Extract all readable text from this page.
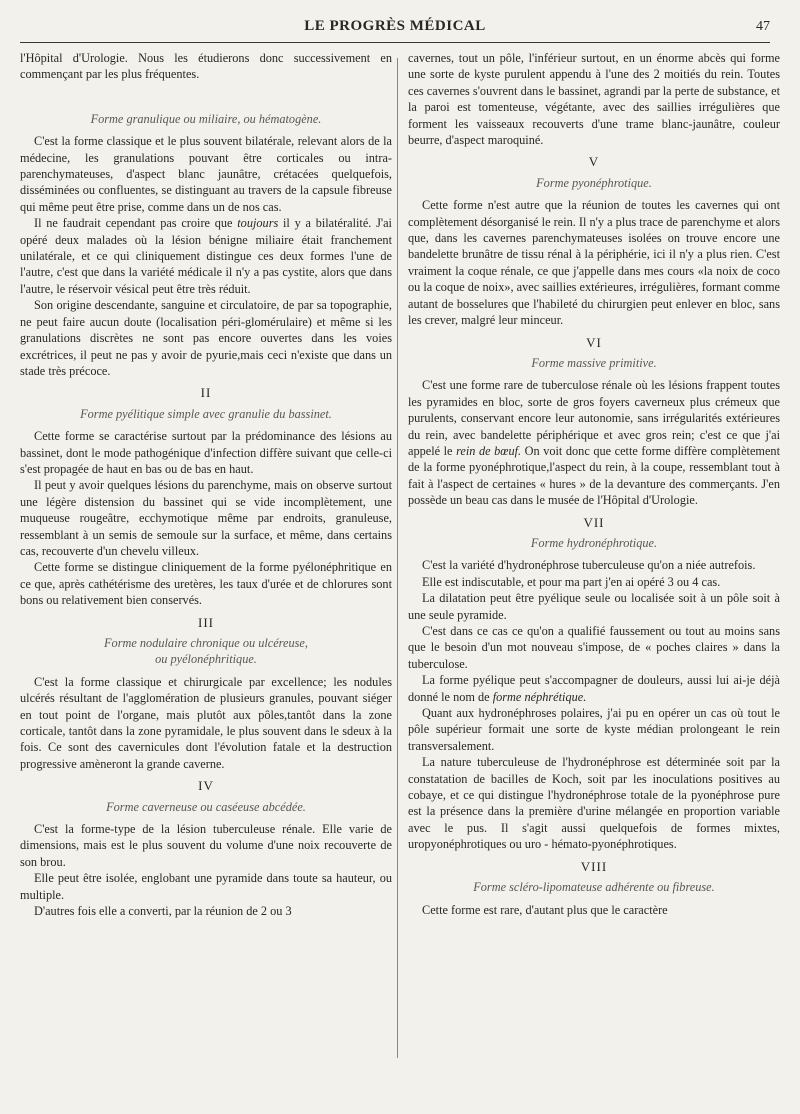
LE PROGRÈS MÉDICAL	47

l'Hôpital d'Urologie. Nous les étudierons donc successivement en commençant par les plus fréquentes.

Forme granulique ou miliaire, ou hématogène.

C'est la forme classique et le plus souvent bilatérale, relevant alors de la médecine, les granulations pouvant être corticales ou intra-parenchymateuses, d'aspect blanc jaunâtre, crétacées quelquefois, disséminées ou confluentes, se distinguant au travers de la capsule fibreuse qui même peut être prise, comme dans un de nos cas.

Il ne faudrait cependant pas croire que toujours il y a bilatéralité. J'ai opéré deux malades où la lésion bénigne miliaire était franchement unilatérale, et ce qui cliniquement distingue ces deux formes l'une de l'autre, c'est que dans la variété médicale il n'y a pas cystite, alors que dans l'autre, le réservoir vésical peut être très réduit.

Son origine descendante, sanguine et circulatoire, de par sa topographie, ne peut faire aucun doute (localisation péri-glomérulaire) et même si les granulations discrètes ne sont pas encore ouvertes dans les voies excrétrices, il peut ne pas y avoir de pyurie,mais ceci n'existe que dans un stade très précoce.

II
Forme pyélitique simple avec granulie du bassinet.

Cette forme se caractérise surtout par la prédominance des lésions au bassinet, dont le mode pathogénique d'infection diffère suivant que celle-ci s'est propagée de haut en bas ou de bas en haut.

Il peut y avoir quelques lésions du parenchyme, mais on observe surtout une légère distension du bassinet qui se vide incomplètement, une muqueuse rougeâtre, ecchymotique même par endroits, granuleuse, ressemblant à un semis de semoule sur la surface, et même, dans certains cas, recouverte d'un chevelu villeux.

Cette forme se distingue cliniquement de la forme pyélonéphritique en ce que, après cathétérisme des uretères, les taux d'urée et de chlorures sont bons ou relativement bien conservés.

III
Forme nodulaire chronique ou ulcéreuse,
ou pyélonéphritique.

C'est la forme classique et chirurgicale par excellence; les nodules ulcérés résultant de l'agglomération de plusieurs granules, pouvant siéger en tout point de l'organe, mais plutôt aux pôles,tantôt dans la zone corticale, tantôt dans la zone pyramidale, le plus souvent dans le sdeux à la fois. Ce sont des cavernicules dont l'évolution fatale et la destruction progressive amèneront la grande caverne.

IV
Forme caverneuse ou caséeuse abcédée.

C'est la forme-type de la lésion tuberculeuse rénale. Elle varie de dimensions, mais est le plus souvent du volume d'une noix recouverte de son brou.

Elle peut être isolée, englobant une pyramide dans toute sa hauteur, ou multiple.

D'autres fois elle a converti, par la réunion de 2 ou 3

cavernes, tout un pôle, l'inférieur surtout, en un énorme abcès qui forme une sorte de kyste purulent appendu à l'une des 2 moitiés du rein. Toutes ces cavernes s'ouvrent dans le bassinet, agrandi par la perte de substance, et la paroi est tomenteuse, végétante, avec des saillies irrégulières que forment les vaisseaux recouverts d'une trame blanc-jaunâtre, couleur beurre, d'aspect maroquiné.

V
Forme pyonéphrotique.

Cette forme n'est autre que la réunion de toutes les cavernes qui ont complètement désorganisé le rein. Il n'y a plus trace de parenchyme et alors que, dans les cavernes parenchymateuses isolées on trouve encore une bandelette brunâtre de tissu rénal à la périphérie, ici il n'y a plus rien. C'est vraiment la coque rénale, ce que j'appelle dans mes cours «la noix de coco ou la coque de noix», avec saillies extérieures, irrégulières, formant comme autant de bosselures que l'habileté du chirurgien peut enlever en bloc, sans les crever, malgré leur minceur.

VI
Forme massive primitive.

C'est une forme rare de tuberculose rénale où les lésions frappent toutes les pyramides en bloc, sorte de gros foyers caverneux plus crémeux que purulents, conservant encore leur autonomie, sans irrégularités extérieures du rein, avec bandelette périphérique et avec gros rein; c'est ce que j'ai appelé le rein de bœuf. On voit donc que cette forme diffère complètement de la forme pyonéphrotique,l'aspect du rein, à la coupe, ressemblant tout à fait à l'aspect de certaines « hures » de la devanture des commerçants. J'en possède un beau cas dans le musée de l'Hôpital d'Urologie.

VII
Forme hydronéphrotique.

C'est la variété d'hydronéphrose tuberculeuse qu'on a niée autrefois.

Elle est indiscutable, et pour ma part j'en ai opéré 3 ou 4 cas.

La dilatation peut être pyélique seule ou localisée soit à un pôle soit à une seule pyramide.

C'est dans ce cas ce qu'on a qualifié faussement ou tout au moins sans que le besoin d'un mot nouveau s'impose, de « poches claires » dans la tuberculose.

La forme pyélique peut s'accompagner de douleurs, aussi lui ai-je déjà donné le nom de forme néphrétique.

Quant aux hydronéphroses polaires, j'ai pu en opérer un cas où tout le pôle supérieur formait une sorte de kyste médian prolongeant le rein transversalement.

La nature tuberculeuse de l'hydronéphrose est déterminée soit par la constatation de bacilles de Koch, soit par les inoculations positives au cobaye, et ce qui distingue l'hydronéphrose totale de la pyonéphrose pure est la présence dans la première d'urine mélangée en proportion variable avec le pus. Il s'agit aussi quelquefois de formes mixtes, uropyonéphrotiques ou uro - hémato-pyonéphrotiques.

VIII
Forme scléro-lipomateuse adhérente ou fibreuse.

Cette forme est rare, d'autant plus que le caractère
